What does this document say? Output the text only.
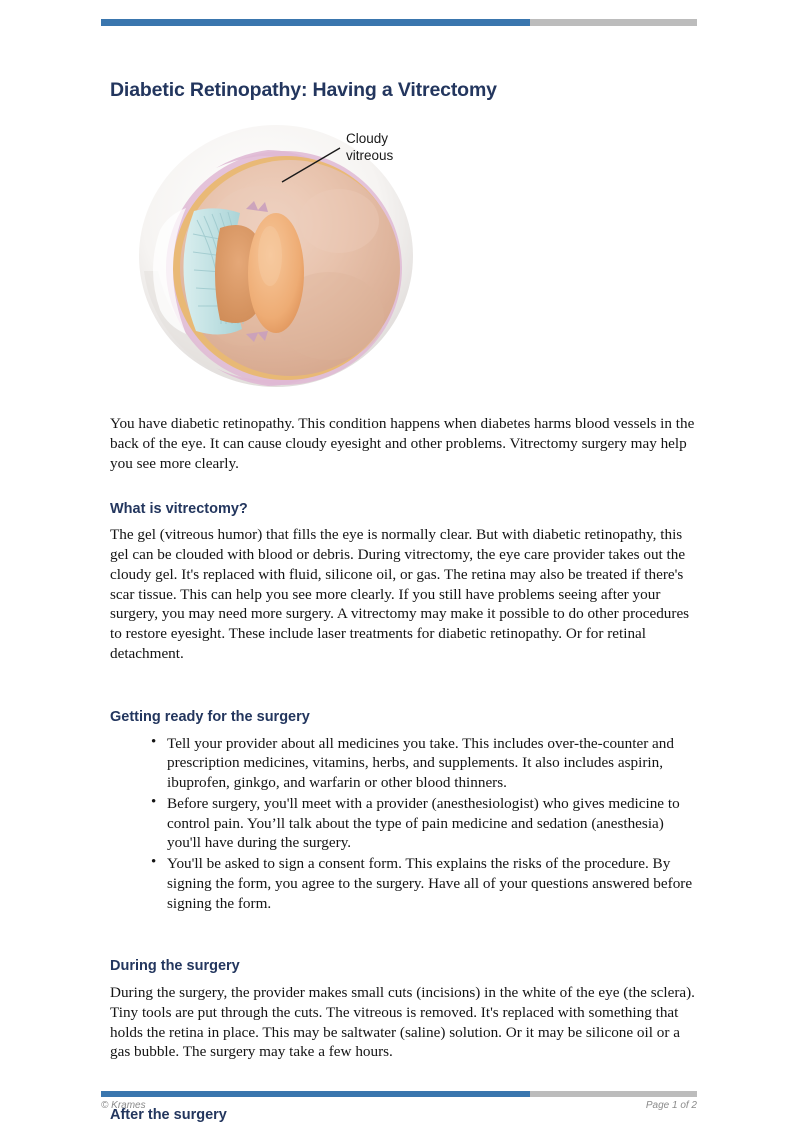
Diabetic Retinopathy: Having a Vitrectomy
Cloudy
vitreous

You have diabetic retinopathy. This condition happens when diabetes harms blood vessels in the back of the eye. It can cause cloudy eyesight and other problems. Vitrectomy surgery may help you see more clearly.

What is vitrectomy?

The gel (vitreous humor) that fills the eye is normally clear. But with diabetic retinopathy, this gel can be clouded with blood or debris. During vitrectomy, the eye care provider takes out the cloudy gel. It's replaced with fluid, silicone oil, or gas. The retina may also be treated if there's scar tissue. This can help you see more clearly. If you still have problems seeing after your surgery, you may need more surgery. A vitrectomy may make it possible to do other procedures to restore eyesight. These include laser treatments for diabetic retinopathy. Or for retinal detachment.

Getting ready for the surgery
• Tell your provider about all medicines you take. This includes over-the-counter and prescription medicines, vitamins, herbs, and supplements. It also includes aspirin, ibuprofen, ginkgo, and warfarin or other blood thinners.
• Before surgery, you'll meet with a provider (anesthesiologist) who gives medicine to control pain. You’ll talk about the type of pain medicine and sedation (anesthesia) you'll have during the surgery.
• You'll be asked to sign a consent form. This explains the risks of the procedure. By signing the form, you agree to the surgery. Have all of your questions answered before signing the form.
During the surgery

During the surgery, the provider makes small cuts (incisions) in the white of the eye (the sclera). Tiny tools are put through the cuts. The vitreous is removed. It's replaced with something that holds the retina in place. This may be saltwater (saline) solution. Or it may be silicone oil or a gas bubble. The surgery may take a few hours.

After the surgery
© Krames	Page 1 of 2
